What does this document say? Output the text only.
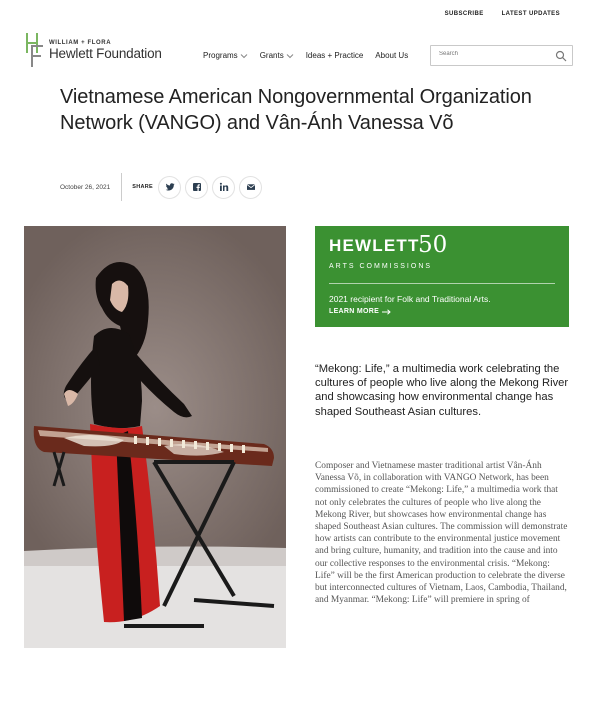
SUBSCRIBE	LATEST UPDATES
WILLIAM + FLORA
Hewlett Foundation	Programs	Grants	Ideas + Practice About Us
Search
Vietnamese American Nongovernmental Organization Network (VANGO) and Vân-Ánh Vanessa Võ
October 26, 2021	SHARE
HEWLETT
50
ARTS COMMISSIONS
2021 recipient for Folk and Traditional Arts.
LEARN MORE

“Mekong: Life,” a multimedia work celebrating the cultures of people who live along the Mekong River and showcasing how environmental change has shaped Southeast Asian cultures.

Composer and Vietnamese master traditional artist Vân-Ánh Vanessa Võ, in collaboration with VANGO Network, has been commissioned to create “Mekong: Life,” a multimedia work that not only celebrates the cultures of people who live along the Mekong River, but showcases how environmental change has shaped Southeast Asian cultures. The commission will demonstrate how artists can contribute to the environmental justice movement and bring culture, humanity, and tradition into the cause and into our collective responses to the environmental crisis. “Mekong: Life” will be the first American production to celebrate the diverse but interconnected cultures of Vietnam, Laos, Cambodia, Thailand, and Myanmar. “Mekong: Life” will premiere in spring of
